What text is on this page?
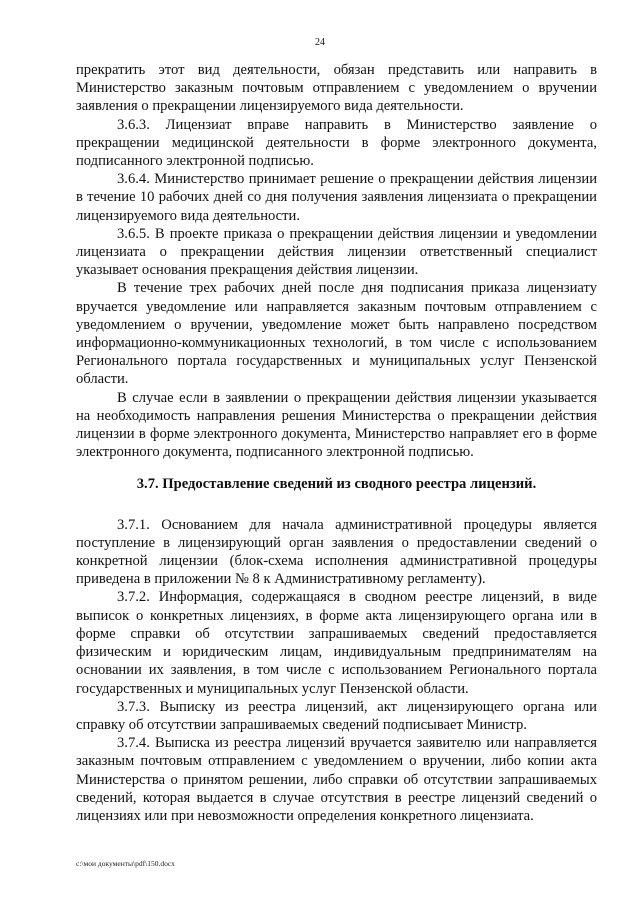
24

прекратить этот вид деятельности, обязан представить или направить в Министерство заказным почтовым отправлением с уведомлением о вручении заявления о прекращении лицензируемого вида деятельности.

3.6.3. Лицензиат вправе направить в Министерство заявление о прекращении медицинской деятельности в форме электронного документа, подписанного электронной подписью.

3.6.4. Министерство принимает решение о прекращении действия лицензии в течение 10 рабочих дней со дня получения заявления лицензиата о прекращении лицензируемого вида деятельности.

3.6.5. В проекте приказа о прекращении действия лицензии и уведомлении лицензиата о прекращении действия лицензии ответственный специалист указывает основания прекращения действия лицензии.

В течение трех рабочих дней после дня подписания приказа лицензиату вручается уведомление или направляется заказным почтовым отправлением с уведомлением о вручении, уведомление может быть направлено посредством информационно-коммуникационных технологий, в том числе с использованием Регионального портала государственных и муниципальных услуг Пензенской области.

В случае если в заявлении о прекращении действия лицензии указывается на необходимость направления решения Министерства о прекращении действия лицензии в форме электронного документа, Министерство направляет его в форме электронного документа, подписанного электронной подписью.

3.7. Предоставление сведений из сводного реестра лицензий.

3.7.1. Основанием для начала административной процедуры является поступление в лицензирующий орган заявления о предоставлении сведений о конкретной лицензии (блок-схема исполнения административной процедуры приведена в приложении № 8 к Административному регламенту).

3.7.2. Информация, содержащаяся в сводном реестре лицензий, в виде выписок о конкретных лицензиях, в форме акта лицензирующего органа или в форме справки об отсутствии запрашиваемых сведений предоставляется физическим и юридическим лицам, индивидуальным предпринимателям на основании их заявления, в том числе с использованием Регионального портала государственных и муниципальных услуг Пензенской области.

3.7.3. Выписку из реестра лицензий, акт лицензирующего органа или справку об отсутствии запрашиваемых сведений подписывает Министр.

3.7.4. Выписка из реестра лицензий вручается заявителю или направляется заказным почтовым отправлением с уведомлением о вручении, либо копии акта Министерства о принятом решении, либо справки об отсутствии запрашиваемых сведений, которая выдается в случае отсутствия в реестре лицензий сведений о лицензиях или при невозможности определения конкретного лицензиата.

c:\мои документы\pdf\150.docx
